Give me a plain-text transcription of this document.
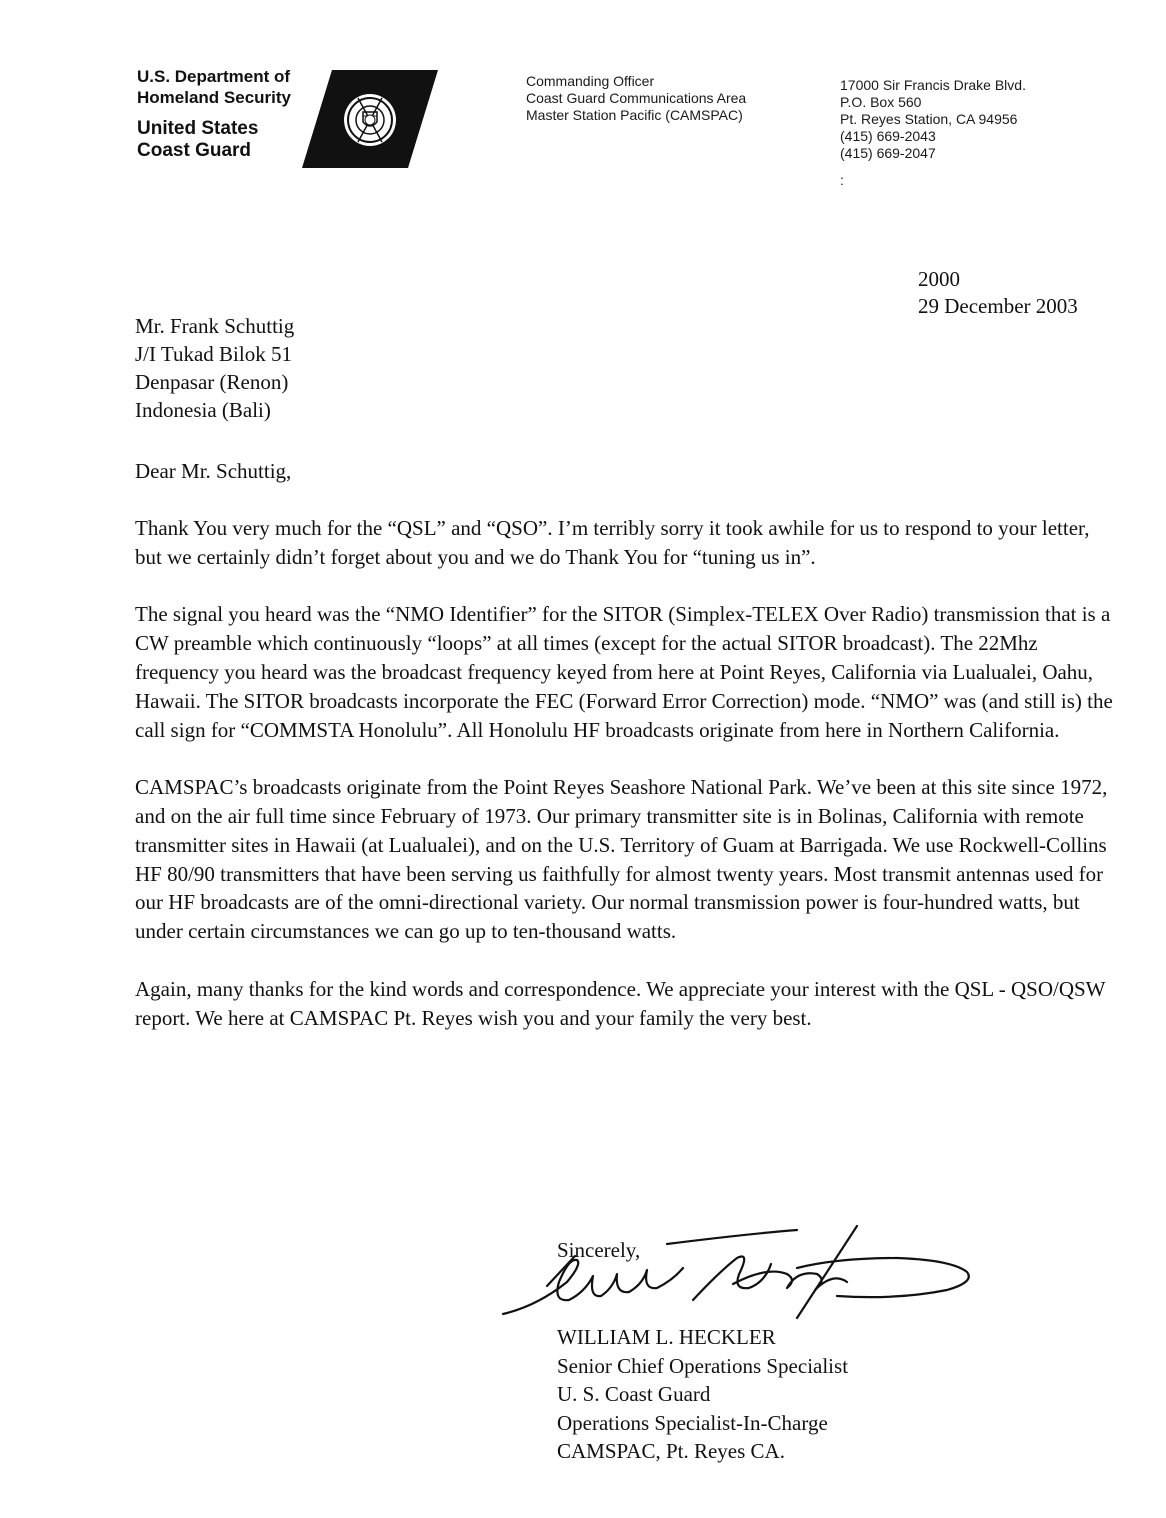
U.S. Department of
Homeland Security
United States
Coast Guard
Commanding Officer
Coast Guard Communications Area
Master Station Pacific (CAMSPAC)
17000 Sir Francis Drake Blvd.
P.O. Box 560
Pt. Reyes Station, CA 94956
(415) 669-2043
(415) 669-2047
:
2000
29 December 2003
Mr. Frank Schuttig
J/I Tukad Bilok 51
Denpasar (Renon)
Indonesia (Bali)
Dear Mr. Schuttig,

Thank You very much for the “QSL” and “QSO”. I’m terribly sorry it took awhile for us to respond to your letter, but we certainly didn’t forget about you and we do Thank You for “tuning us in”.

The signal you heard was the “NMO Identifier” for the SITOR (Simplex-TELEX Over Radio) transmission that is a CW preamble which continuously “loops” at all times (except for the actual SITOR broadcast). The 22Mhz frequency you heard was the broadcast frequency keyed from here at Point Reyes, California via Lualualei, Oahu, Hawaii. The SITOR broadcasts incorporate the FEC (Forward Error Correction) mode. “NMO” was (and still is) the call sign for “COMMSTA Honolulu”. All Honolulu HF broadcasts originate from here in Northern California.

CAMSPAC’s broadcasts originate from the Point Reyes Seashore National Park. We’ve been at this site since 1972, and on the air full time since February of 1973. Our primary transmitter site is in Bolinas, California with remote transmitter sites in Hawaii (at Lualualei), and on the U.S. Territory of Guam at Barrigada. We use Rockwell-Collins HF 80/90 transmitters that have been serving us faithfully for almost twenty years. Most transmit antennas used for our HF broadcasts are of the omni-directional variety. Our normal transmission power is four-hundred watts, but under certain circumstances we can go up to ten-thousand watts.

Again, many thanks for the kind words and correspondence. We appreciate your interest with the QSL - QSO/QSW report. We here at CAMSPAC Pt. Reyes wish you and your family the very best.

Sincerely,
WILLIAM L. HECKLER
Senior Chief Operations Specialist
U. S. Coast Guard
Operations Specialist-In-Charge
CAMSPAC, Pt. Reyes CA.
